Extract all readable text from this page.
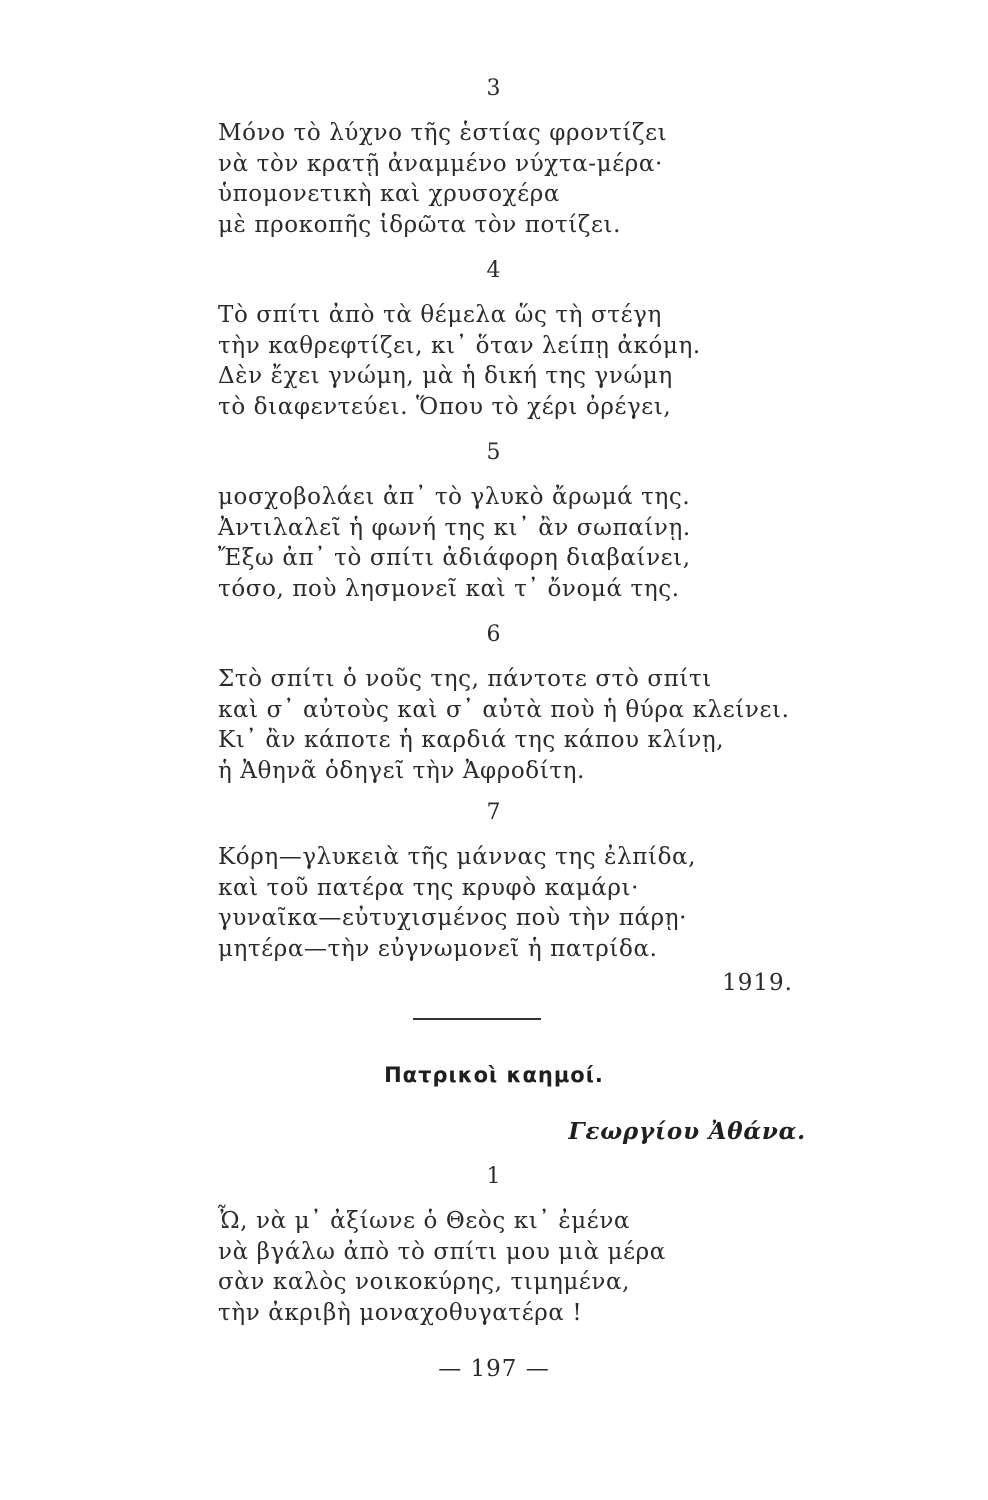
3
Μόνο τὸ λύχνο τῆς ἑστίας φροντίζει
νὰ τὸν κρατῇ ἀναμμένο νύχτα-μέρα·
ὑπομονετικὴ καὶ χρυσοχέρα
μὲ προκοπῆς ἱδρῶτα τὸν ποτίζει.
4
Τὸ σπίτι ἀπὸ τὰ θέμελα ὥς τὴ στέγη
τὴν καθρεφτίζει, κι᾽ ὅταν λείπῃ ἀκόμη.
Δὲν ἔχει γνώμη, μὰ ἡ δική της γνώμη
τὸ διαφεντεύει. Ὅπου τὸ χέρι ὀρέγει,
5
μοσχοβολάει ἀπ᾽ τὸ γλυκὸ ἄρωμά της.
Ἀντιλαλεῖ ἡ φωνή της κι᾽ ἂν σωπαίνῃ.
Ἔξω ἀπ᾽ τὸ σπίτι ἀδιάφορη διαβαίνει,
τόσο, ποὺ λησμονεῖ καὶ τ᾽ ὄνομά της.
6
Στὸ σπίτι ὁ νοῦς της, πάντοτε στὸ σπίτι
καὶ σ᾽ αὐτοὺς καὶ σ᾽ αὐτὰ ποὺ ἡ θύρα κλείνει.
Κι᾽ ἂν κάποτε ἡ καρδιά της κάπου κλίνῃ,
ἡ Ἀθηνᾶ ὁδηγεῖ τὴν Ἀφροδίτη.
7
Κόρη—γλυκειὰ τῆς μάννας της ἐλπίδα,
καὶ τοῦ πατέρα της κρυφὸ καμάρι·
γυναῖκα—εὐτυχισμένος ποὺ τὴν πάρῃ·
μητέρα—τὴν εὐγνωμονεῖ ἡ πατρίδα.
1919.
Πατρικοὶ καημοί.
Γεωργίου Ἀθάνα.
1
Ὦ, νὰ μ᾽ ἀξίωνε ὁ Θεὸς κι᾽ ἐμένα
νὰ βγάλω ἀπὸ τὸ σπίτι μου μιὰ μέρα
σὰν καλὸς νοικοκύρης, τιμημένα,
τὴν ἀκριβὴ μοναχοθυγατέρα !
— 197 —
